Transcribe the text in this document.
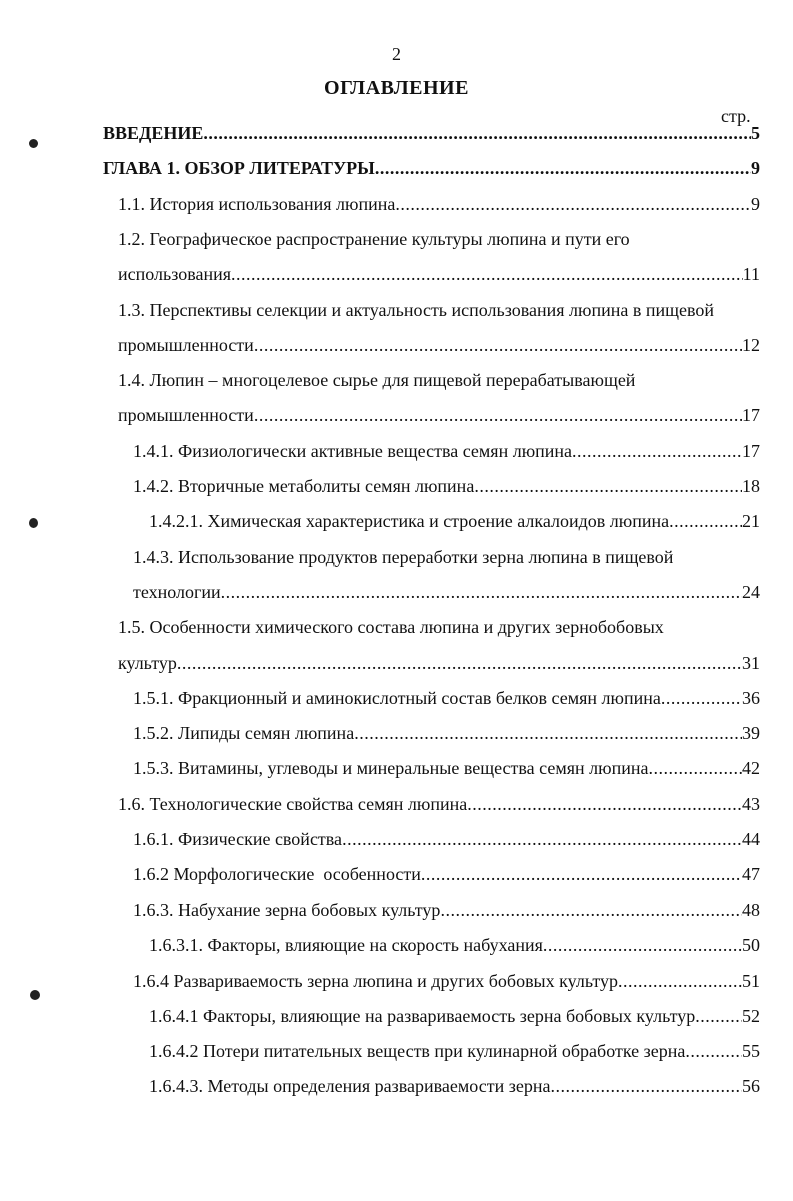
2
ОГЛАВЛЕНИЕ
стр.
ВВЕДЕНИЕ .....	5
ГЛАВА 1. ОБЗОР ЛИТЕРАТУРЫ .....	9
1.1. История использования люпина .....	9
1.2. Географическое распространение культуры люпина и пути его
использования .....	11
1.3. Перспективы селекции и актуальность использования люпина в пищевой
промышленности .....	12
1.4. Люпин – многоцелевое сырье для пищевой перерабатывающей
промышленности .....	17
1.4.1. Физиологически активные вещества семян люпина .....	17
1.4.2. Вторичные метаболиты семян люпина .....	18
1.4.2.1. Химическая характеристика и строение алкалоидов люпина .....	21
1.4.3. Использование продуктов переработки зерна люпина в пищевой
технологии .....	24
1.5. Особенности химического состава люпина и других зернобобовых
культур .....	31
1.5.1. Фракционный и аминокислотный состав белков семян люпина .....	36
1.5.2. Липиды семян люпина .....	39
1.5.3. Витамины, углеводы и минеральные вещества семян люпина .....	42
1.6. Технологические свойства семян люпина .....	43
1.6.1. Физические свойства .....	44
1.6.2 Морфологические  особенности .....	47
1.6.3. Набухание зерна бобовых культур .....	48
1.6.3.1. Факторы, влияющие на скорость набухания .....	50
1.6.4 Развариваемость зерна люпина и других бобовых культур .....	51
1.6.4.1 Факторы, влияющие на развариваемость зерна бобовых культур .....	52
1.6.4.2 Потери питательных веществ при кулинарной обработке зерна .....	55
1.6.4.3. Методы определения развариваемости зерна .....	56
